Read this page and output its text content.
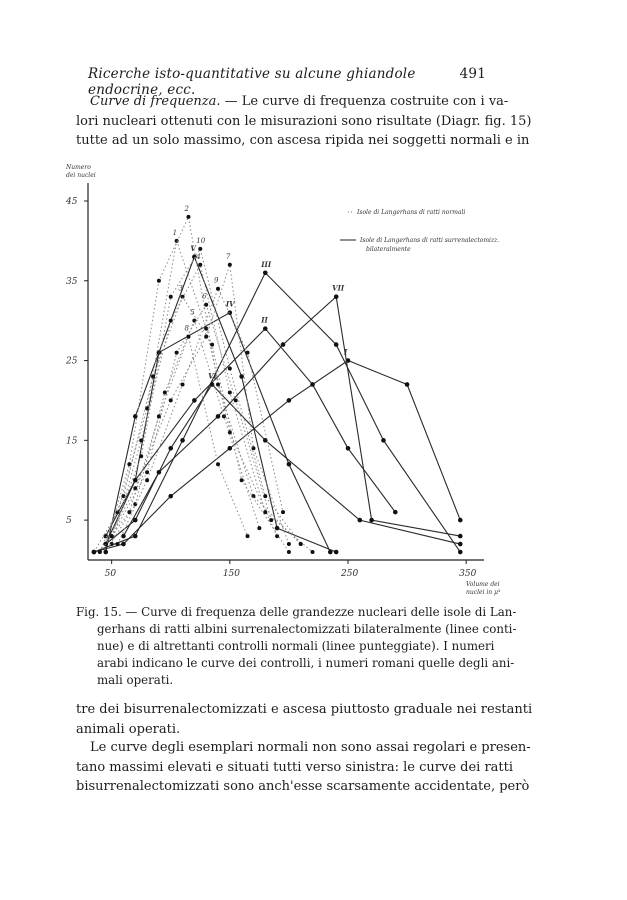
Ricerche isto-quantitative su alcune ghiandole endocrine, ecc.
491
Curve di frequenza. — Le curve di frequenza costruite con i va-
lori nucleari ottenuti con le misurazioni sono risultate (Diagr. fig. 15)
tutte ad un solo massimo, con ascesa ripida nei soggetti normali e in
5
15
25
35
45
50	150	250	350
Numero
dei nuclei
Volume dei
nuclei in μ³
I
II
III
IV
V
VI
VII
1
2
3
4
5
6
7
8
9
10
Isole di Langerhans di ratti normali
Isole di Langerhans di ratti surrenalectomizz.
bilateralmente
Fig. 15. — Curve di frequenza delle grandezze nucleari delle isole di Lan-
gerhans di ratti albini surrenalectomizzati bilateralmente (linee conti-
nue) e di altrettanti controlli normali (linee punteggiate). I numeri
arabi indicano le curve dei controlli, i numeri romani quelle degli ani-
mali operati.
tre dei bisurrenalectomizzati e ascesa piuttosto graduale nei restanti
animali operati.
Le curve degli esemplari normali non sono assai regolari e presen-
tano massimi elevati e situati tutti verso sinistra: le curve dei ratti
bisurrenalectomizzati sono anch'esse scarsamente accidentate, però
